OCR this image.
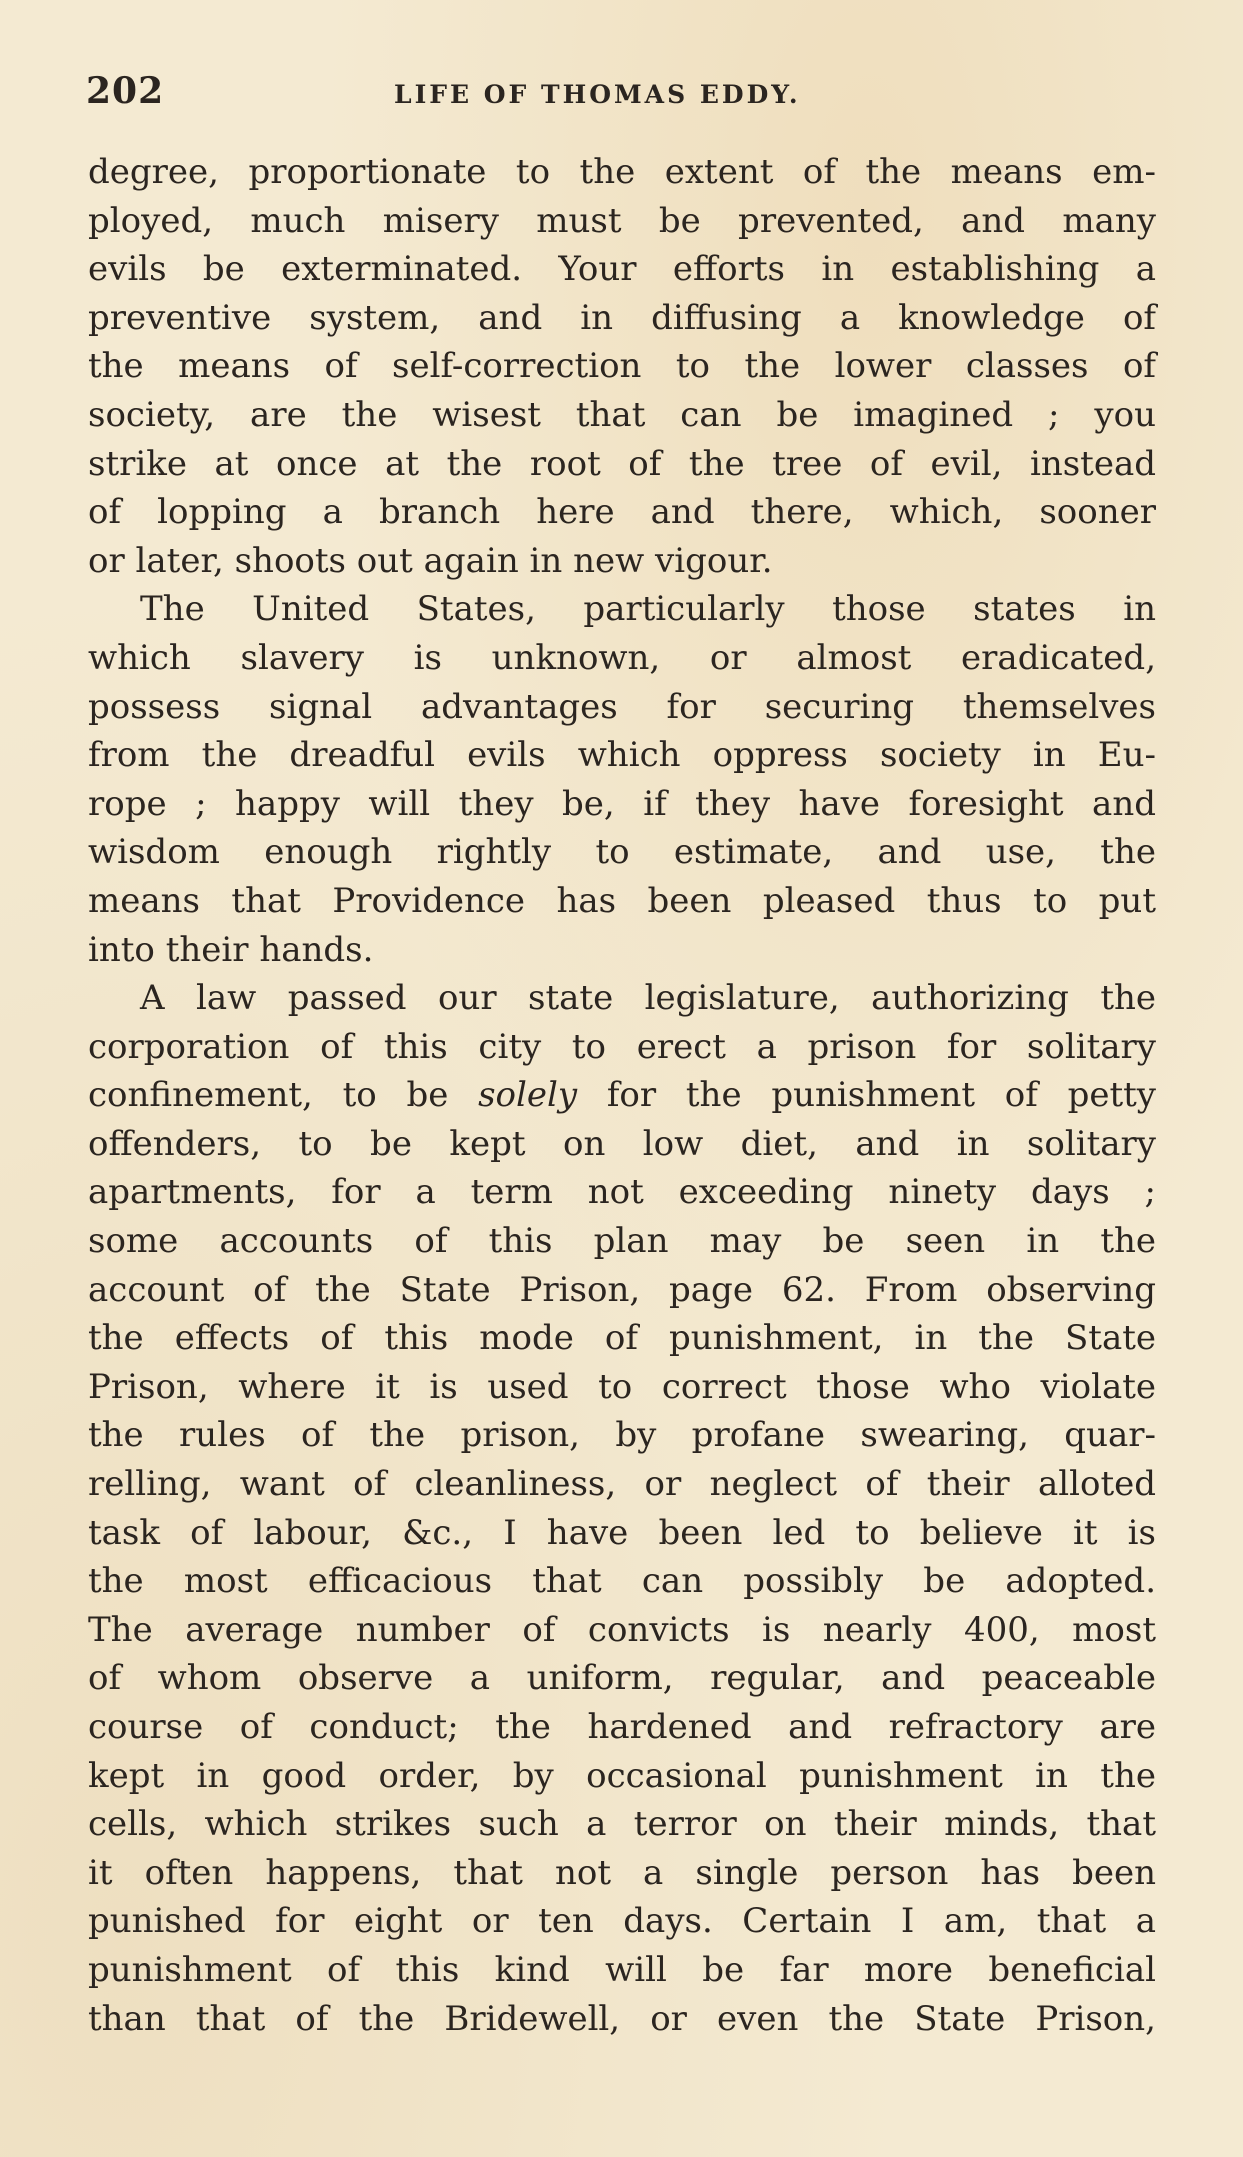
202	LIFE OF THOMAS EDDY.
degree, proportionate to the extent of the means em-
ployed, much misery must be prevented, and many
evils be exterminated. Your efforts in establishing a
preventive system, and in diffusing a knowledge of
the means of self-correction to the lower classes of
society, are the wisest that can be imagined ; you
strike at once at the root of the tree of evil, instead
of lopping a branch here and there, which, sooner
or later, shoots out again in new vigour.
The United States, particularly those states in
which slavery is unknown, or almost eradicated,
possess signal advantages for securing themselves
from the dreadful evils which oppress society in Eu-
rope ; happy will they be, if they have foresight and
wisdom enough rightly to estimate, and use, the
means that Providence has been pleased thus to put
into their hands.
A law passed our state legislature, authorizing the
corporation of this city to erect a prison for solitary
confinement, to be solely for the punishment of petty
offenders, to be kept on low diet, and in solitary
apartments, for a term not exceeding ninety days ;
some accounts of this plan may be seen in the
account of the State Prison, page 62. From observing
the effects of this mode of punishment, in the State
Prison, where it is used to correct those who violate
the rules of the prison, by profane swearing, quar-
relling, want of cleanliness, or neglect of their alloted
task of labour, &c., I have been led to believe it is
the most efficacious that can possibly be adopted.
The average number of convicts is nearly 400, most
of whom observe a uniform, regular, and peaceable
course of conduct; the hardened and refractory are
kept in good order, by occasional punishment in the
cells, which strikes such a terror on their minds, that
it often happens, that not a single person has been
punished for eight or ten days. Certain I am, that a
punishment of this kind will be far more beneficial
than that of the Bridewell, or even the State Prison,
